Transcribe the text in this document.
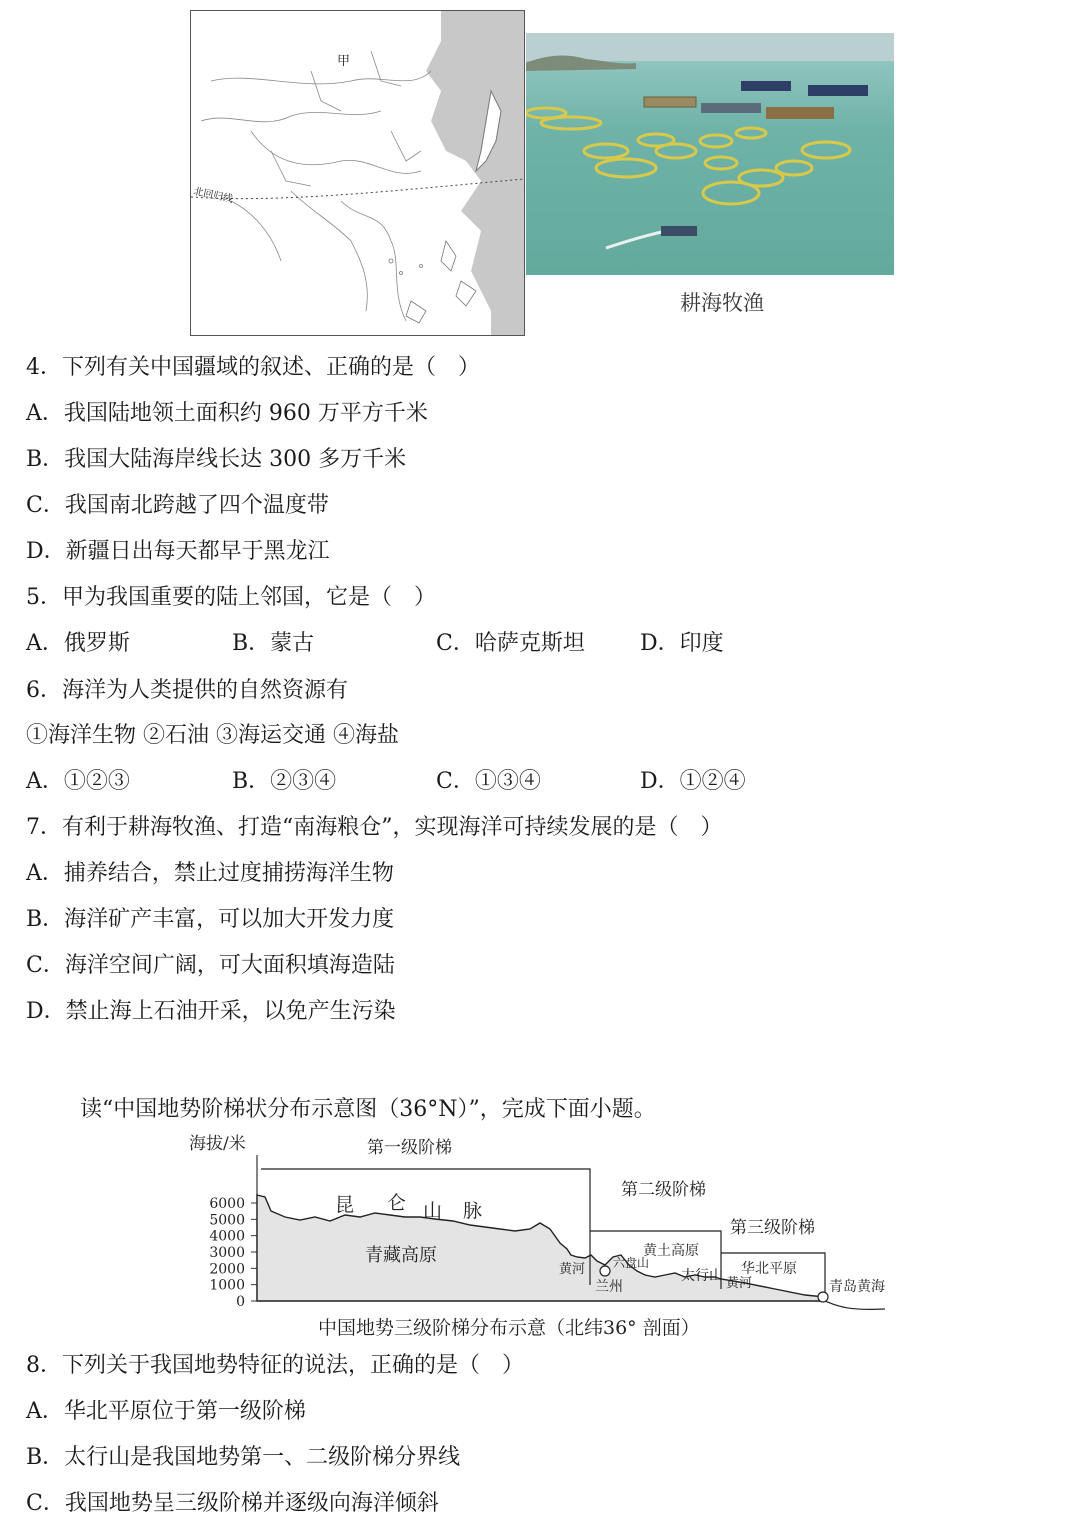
北回归线
甲
耕海牧渔
4．下列有关中国疆域的叙述、正确的是（　）
A．我国陆地领土面积约 960 万平方千米
B．我国大陆海岸线长达 300 多万千米
C．我国南北跨越了四个温度带
D．新疆日出每天都早于黑龙江
5．甲为我国重要的陆上邻国，它是（　）
A．俄罗斯	B．蒙古	C．哈萨克斯坦	D．印度
6．海洋为人类提供的自然资源有
①海洋生物 ②石油 ③海运交通 ④海盐
A．①②③	B．②③④	C．①③④	D．①②④
7．有利于耕海牧渔、打造“南海粮仓”，实现海洋可持续发展的是（　）
A．捕养结合，禁止过度捕捞海洋生物
B．海洋矿产丰富，可以加大开发力度
C．海洋空间广阔，可大面积填海造陆
D．禁止海上石油开采，以免产生污染
读“中国地势阶梯状分布示意图（36°N）”，完成下面小题。
海拔/米
6000
5000
4000
3000
2000
1000
0
第一级阶梯
第二级阶梯
第三级阶梯
昆 仑 山 脉
青藏高原
黄河
兰州
六盘山
黄土高原
太行山 黄河
华北平原
青岛黄海
中国地势三级阶梯分布示意（北纬36° 剖面）
8．下列关于我国地势特征的说法，正确的是（　）
A．华北平原位于第一级阶梯
B．太行山是我国地势第一、二级阶梯分界线
C．我国地势呈三级阶梯并逐级向海洋倾斜
